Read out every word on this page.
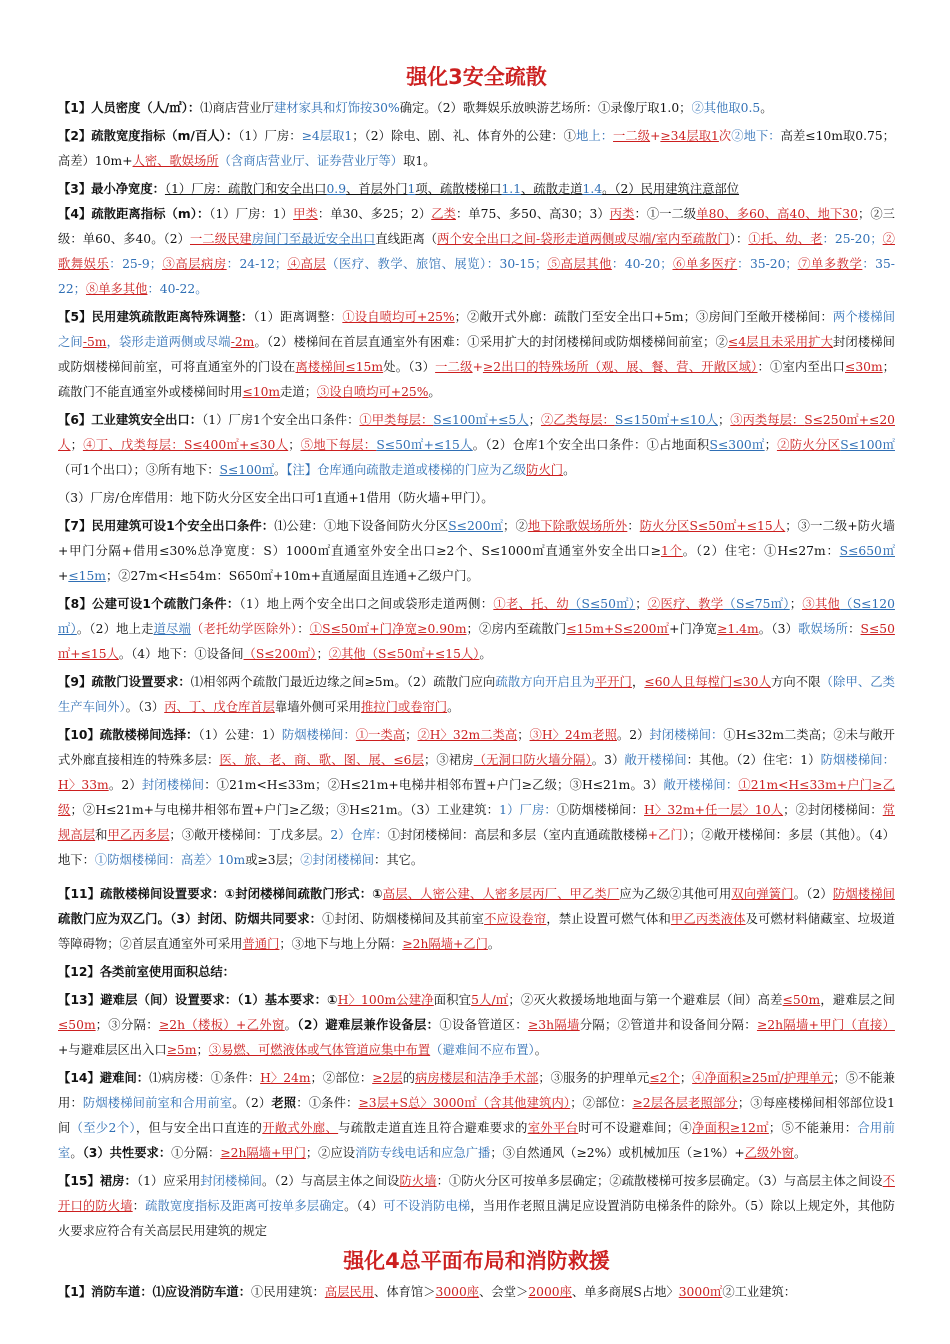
强化3安全疏散
【1】人员密度（人/㎡）：⑴商店营业厅建材家具和灯饰按30%确定。（2）歌舞娱乐放映游艺场所：①录像厅取1.0；②其他取0.5。
【2】疏散宽度指标（m/百人）：（1）厂房：≥4层取1；（2）除电、剧、礼、体育外的公建：①地上：一二级+≥34层取1次②地下：高差≤10m取0.75；高差）10m+人密、歌娱场所（含商店营业厅、证券营业厅等）取1。
【3】最小净宽度：（1）厂房：疏散门和安全出口0.9、首层外门1项、疏散楼梯口1.1、疏散走道1.4。（2）民用建筑注意部位
【4】疏散距离指标（m）：（1）厂房：1）甲类：单30、多25；2）乙类：单75、多50、高30；3）丙类：①一二级单80、多60、高40、地下30；②三级：单60、多40。（2）一二级民建房间门至最近安全出口直线距离（两个安全出口之间-袋形走道两侧或尽端/室内至疏散门）：①托、幼、老：25-20；②歌舞娱乐：25-9；③高层病房：24-12；④高层（医疗、教学、旅馆、展览）：30-15；⑤高层其他：40-20；⑥单多医疗：35-20；⑦单多教学：35-22；⑧单多其他：40-22。
【5】民用建筑疏散距离特殊调整：（1）距离调整：①设自喷均可+25%；②敞开式外廊：疏散门至安全出口+5m；③房间门至敞开楼梯间：两个楼梯间之间-5m，袋形走道两侧或尽端-2m。（2）楼梯间在首层直通室外有困难：①采用扩大的封闭楼梯间或防烟楼梯间前室；②≤4层且未采用扩大封闭楼梯间或防烟楼梯间前室，可将直通室外的门设在离楼梯间≤15m处。（3）一二级+≥2出口的特殊场所（观、展、餐、营、开敞区域）：①室内至出口≤30m；疏散门不能直通室外或楼梯间时用≤10m走道；③设自喷均可+25%。
【6】工业建筑安全出口：（1）厂房1个安全出口条件：①甲类每层：S≤100㎡+≤5人；②乙类每层：S≤150㎡+≤10人；③丙类每层：S≤250㎡+≤20人；④丁、戊类每层：S≤400㎡+≤30人；⑤地下每层：S≤50㎡+≤15人。（2）仓库1个安全出口条件：①占地面积S≤300㎡；②防火分区S≤100㎡（可1个出口）；③所有地下：S≤100㎡。【注】仓库通向疏散走道或楼梯的门应为乙级防火门。
（3）厂房/仓库借用：地下防火分区安全出口可1直通+1借用（防火墙+甲门）。
【7】民用建筑可设1个安全出口条件：⑴公建：①地下设备间防火分区S≤200㎡；②地下除歌娱场所外：防火分区S≤50㎡+≤15人；③一二级+防火墙+甲门分隔+借用≤30%总净宽度：S）1000㎡直通室外安全出口≥2个、S≤1000㎡直通室外安全出口≥1个。（2）住宅：①H≤27m：S≤650㎡+≤15m；②27m<H≤54m：S650㎡+10m+直通屋面且连通+乙级户门。
【8】公建可设1个疏散门条件：（1）地上两个安全出口之间或袋形走道两侧：①老、托、幼（S≤50㎡）；②医疗、教学（S≤75㎡）；③其他（S≤120㎡）。（2）地上走道尽端（老托幼学医除外）：①S≤50㎡+门净宽≥0.90m；②房内至疏散门≤15m+S≤200㎡+门净宽≥1.4m。（3）歌娱场所：S≤50㎡+≤15人。（4）地下：①设备间（S≤200㎡）；②其他（S≤50㎡+≤15人）。
【9】疏散门设置要求：⑴相邻两个疏散门最近边缘之间≥5m。（2）疏散门应向疏散方向开启且为平开门，≤60人且每樘门≤30人方向不限（除甲、乙类生产车间外）。（3）丙、丁、戊仓库首层靠墙外侧可采用推拉门或卷帘门。
【10】疏散楼梯间选择：（1）公建：1）防烟楼梯间：①一类高；②H〉32m二类高；③H〉24m老照。2）封闭楼梯间：①H≤32m二类高；②未与敞开式外廊直接相连的特殊多层：医、旅、老、商、歌、图、展、≤6层；③裙房（无洞口防火墙分隔）。3）敞开楼梯间：其他。（2）住宅：1）防烟楼梯间：H〉33m。2）封闭楼梯间：①21m<H≤33m；②H≤21m+电梯井相邻布置+户门≥乙级；③H≤21m。3）敞开楼梯间：①21m<H≤33m+户门≥乙级；②H≤21m+与电梯井相邻布置+户门≥乙级；③H≤21m。（3）工业建筑：1）厂房：①防烟楼梯间：H〉32m+任一层〉10人；②封闭楼梯间：常规高层和甲乙丙多层；③敞开楼梯间：丁戊多层。2）仓库：①封闭楼梯间：高层和多层（室内直通疏散楼梯+乙门）；②敞开楼梯间：多层（其他）。（4）地下：①防烟楼梯间：高差〉10m或≥3层；②封闭楼梯间：其它。
【11】疏散楼梯间设置要求：①封闭楼梯间疏散门形式：①高层、人密公建、人密多层丙厂、甲乙类厂应为乙级②其他可用双向弹簧门。（2）防烟楼梯间疏散门应为双乙门。（3）封闭、防烟共同要求：①封闭、防烟楼梯间及其前室不应设卷帘，禁止设置可燃气体和甲乙丙类液体及可燃材料储藏室、垃圾道等障碍物；②首层直通室外可采用普通门；③地下与地上分隔：≥2h隔墙+乙门。
【12】各类前室使用面积总结：
【13】避难层（间）设置要求：（1）基本要求：①H〉100m公建净面积宜5人/㎡；②灭火救援场地地面与第一个避难层（间）高差≤50m，避难层之间≤50m；③分隔：≥2h（楼板）+乙外窗。（2）避难层兼作设备层：①设备管道区：≥3h隔墙分隔；②管道井和设备间分隔：≥2h隔墙+甲门（直接）+与避难层区出入口≥5m；③易燃、可燃液体或气体管道应集中布置（避难间不应布置）。
【14】避难间：⑴病房楼：①条件：H〉24m；②部位：≥2层的病房楼层和洁净手术部；③服务的护理单元≤2个；④净面积≥25㎡/护理单元；⑤不能兼用：防烟楼梯间前室和合用前室。（2）老照：①条件：≥3层+S总〉3000㎡（含其他建筑内）；②部位：≥2层各层老照部分；③每座楼梯间相邻部位设1间（至少2个），但与安全出口直连的开敞式外廊、与疏散走道直连且符合避难要求的室外平台时可不设避难间；④净面积≥12㎡；⑤不能兼用：合用前室。（3）共性要求：①分隔：≥2h隔墙+甲门；②应设消防专线电话和应急广播；③自然通风（≥2%）或机械加压（≥1%）+乙级外窗。
【15】裙房：（1）应采用封闭楼梯间。（2）与高层主体之间设防火墙：①防火分区可按单多层确定；②疏散楼梯可按多层确定。（3）与高层主体之间设不开口的防火墙：疏散宽度指标及距离可按单多层确定。（4）可不设消防电梯，当用作老照且满足应设置消防电梯条件的除外。（5）除以上规定外，其他防火要求应符合有关高层民用建筑的规定
强化4总平面布局和消防救援
【1】消防车道：⑴应设消防车道：①民用建筑：高层民用、体育馆＞3000座、会堂＞2000座、单多商展S占地〉3000㎡②工业建筑：
